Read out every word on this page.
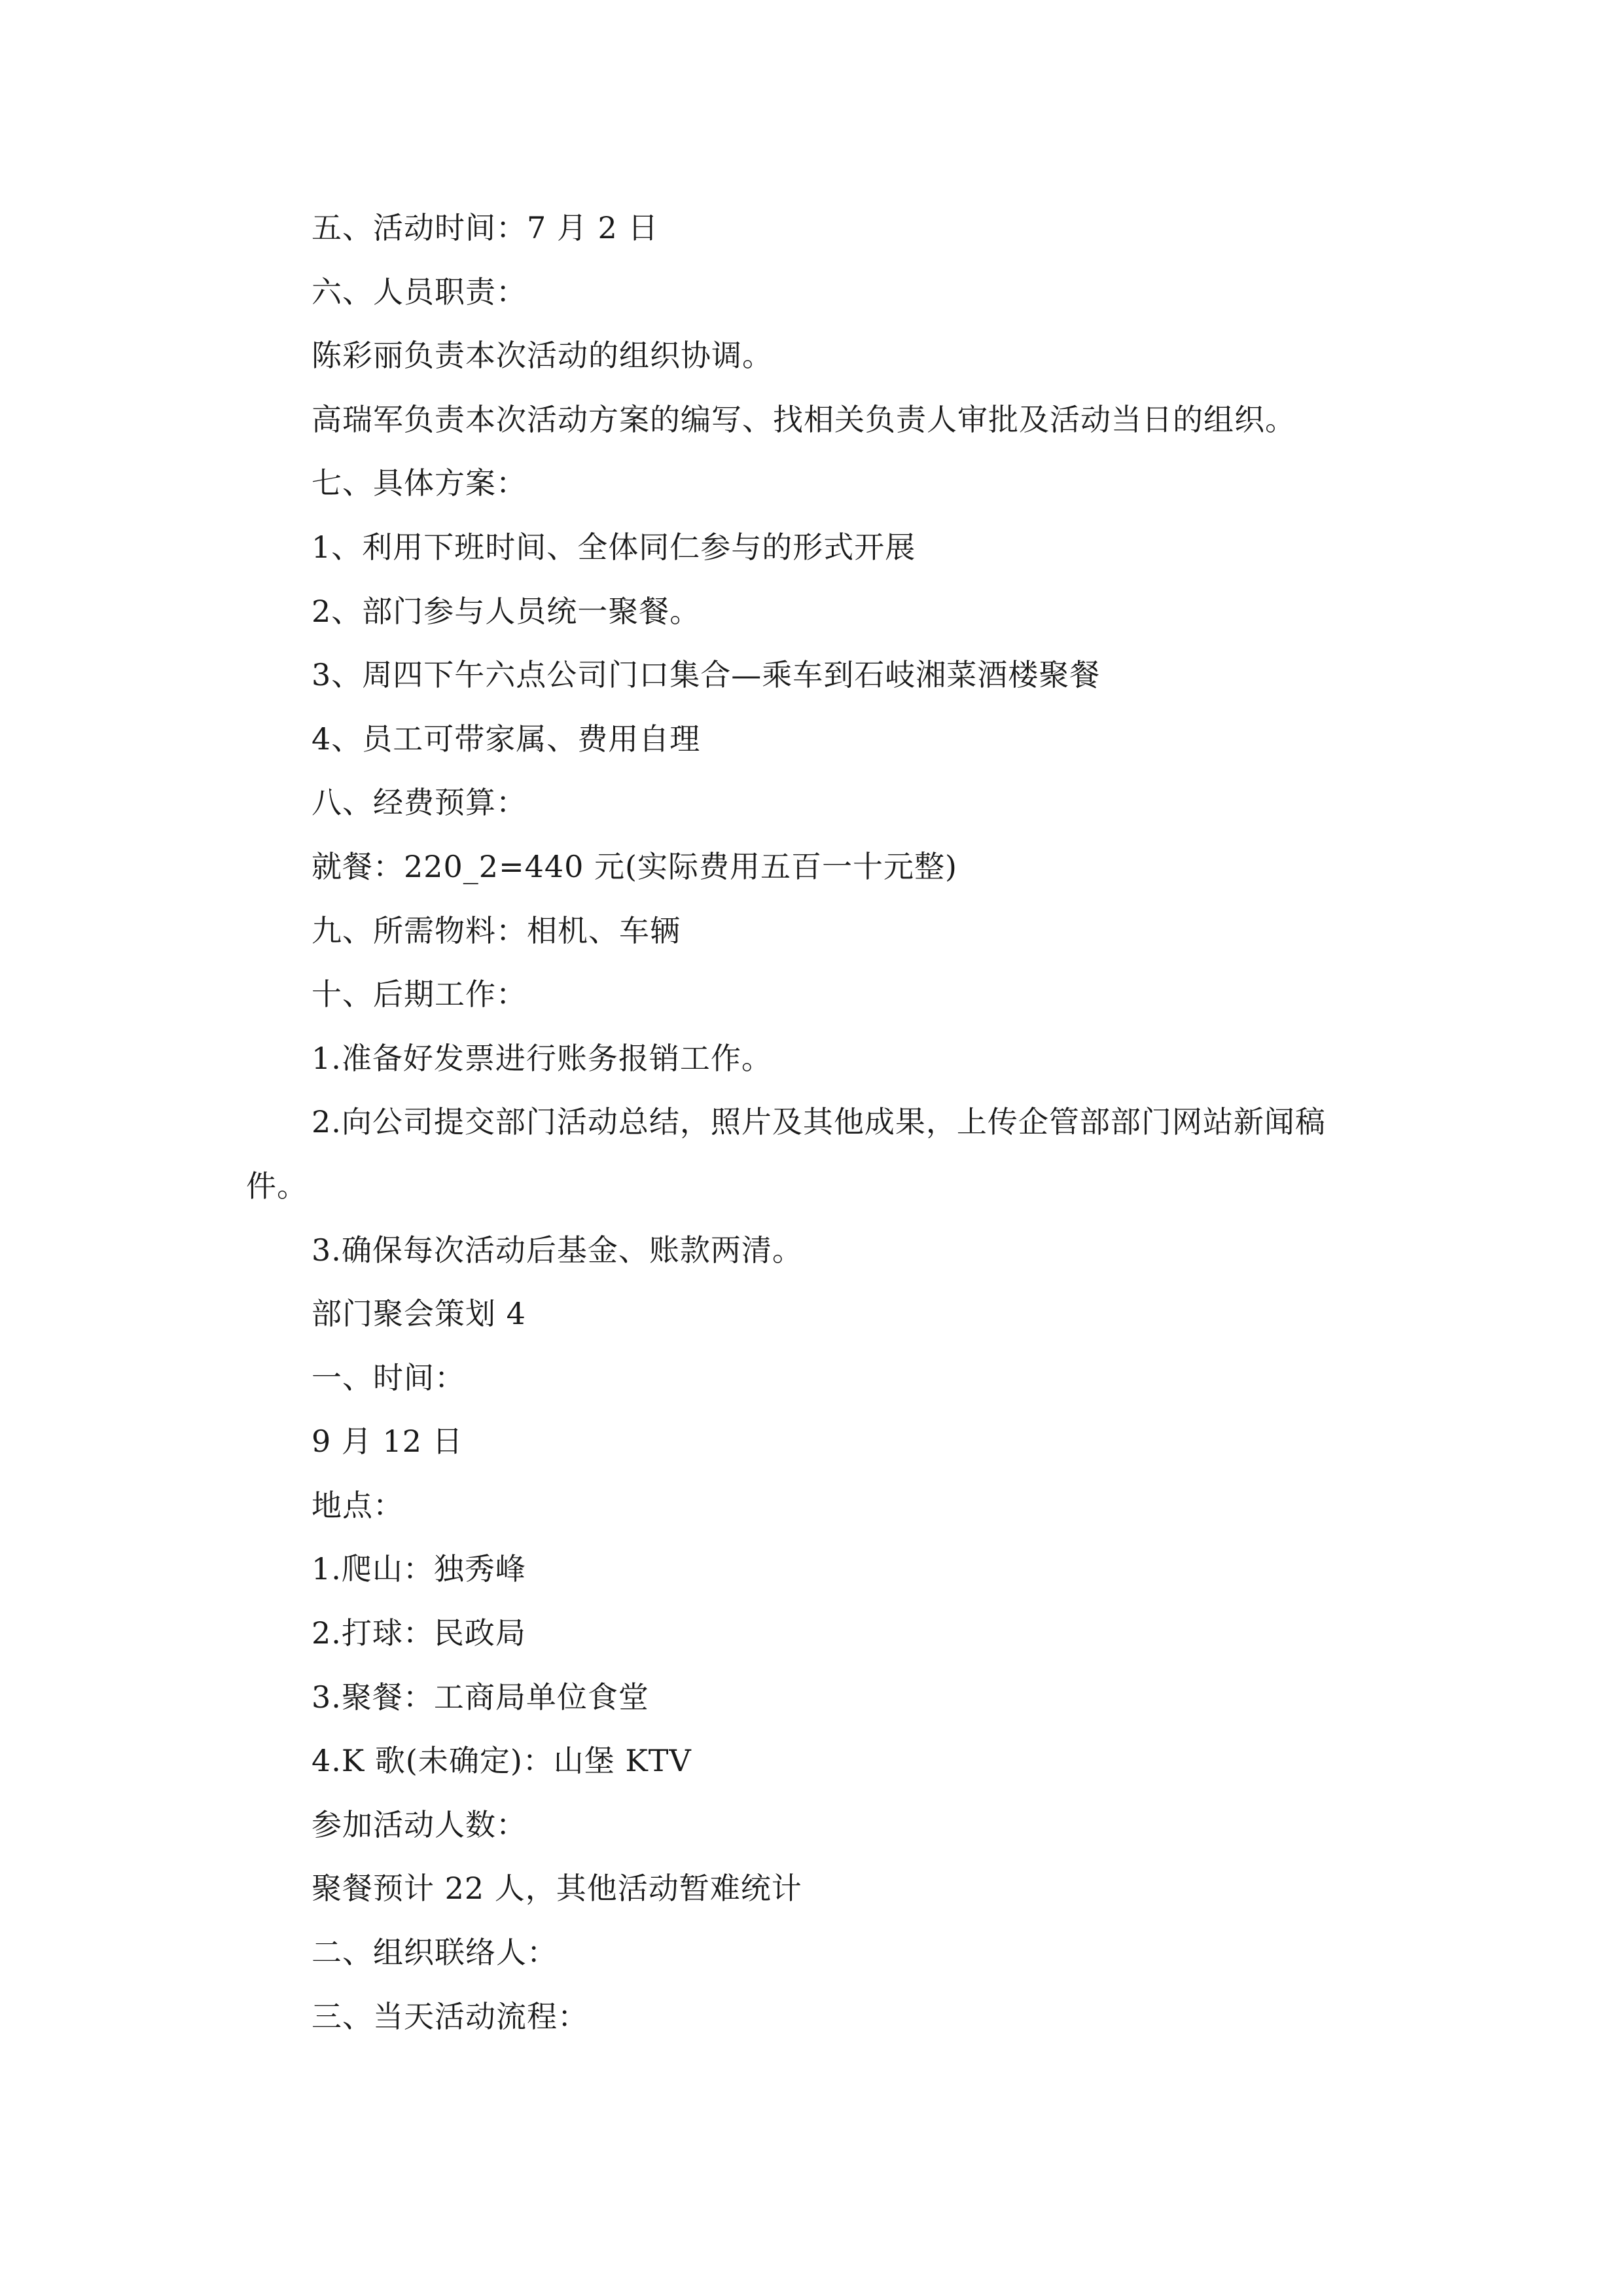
五、活动时间：7 月 2 日
六、人员职责：
陈彩丽负责本次活动的组织协调。
高瑞军负责本次活动方案的编写、找相关负责人审批及活动当日的组织。
七、具体方案：
1、利用下班时间、全体同仁参与的形式开展
2、部门参与人员统一聚餐。
3、周四下午六点公司门口集合—乘车到石岐湘菜酒楼聚餐
4、员工可带家属、费用自理
八、经费预算：
就餐：220_2=440 元(实际费用五百一十元整)
九、所需物料：相机、车辆
十、后期工作：
1.准备好发票进行账务报销工作。
2.向公司提交部门活动总结，照片及其他成果，上传企管部部门网站新闻稿
件。
3.确保每次活动后基金、账款两清。
部门聚会策划 4
一、时间：
9 月 12 日
地点：
1.爬山：独秀峰
2.打球：民政局
3.聚餐：工商局单位食堂
4.K 歌(未确定)：山堡 KTV
参加活动人数：
聚餐预计 22 人，其他活动暂难统计
二、组织联络人：
三、当天活动流程：
